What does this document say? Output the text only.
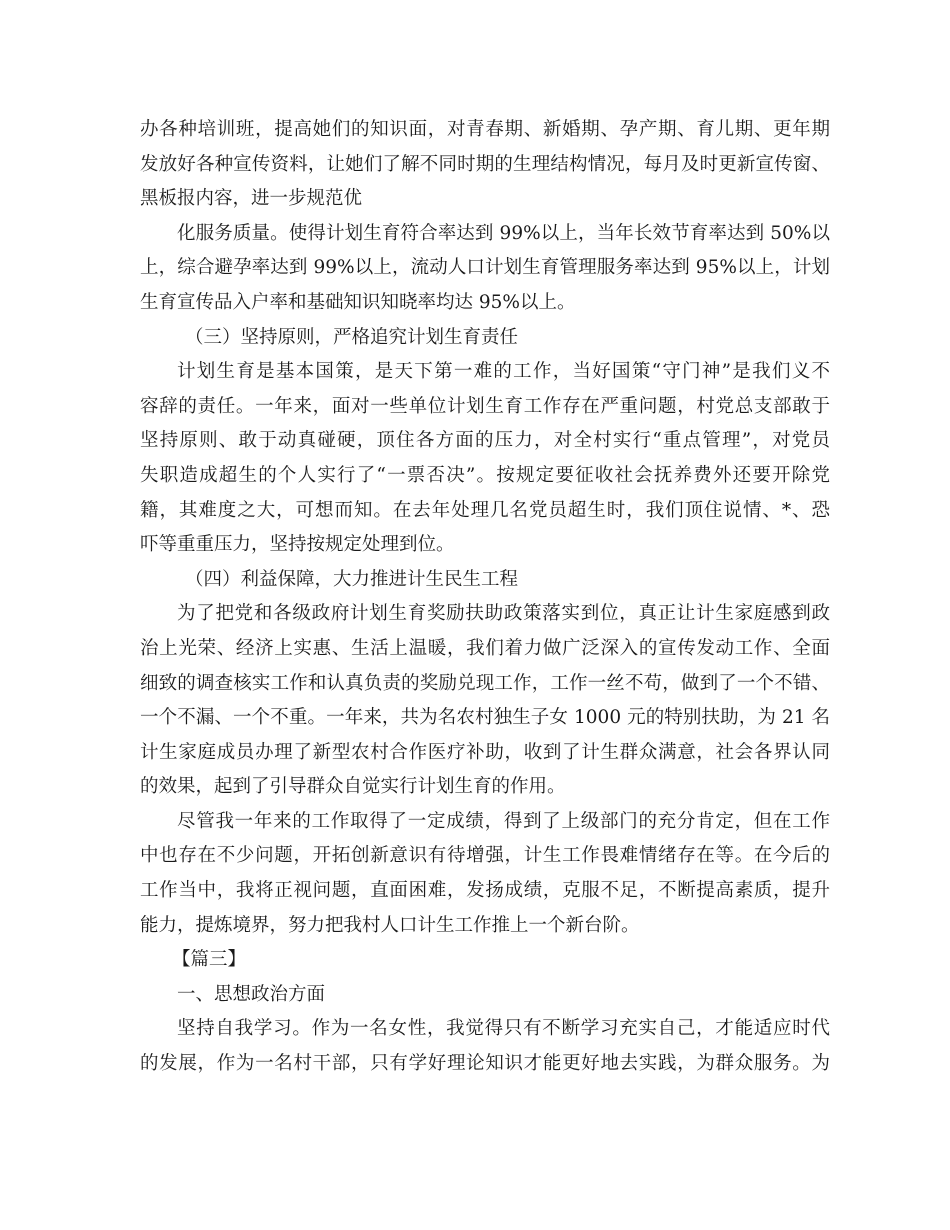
办各种培训班，提高她们的知识面，对青春期、新婚期、孕产期、育儿期、更年期
发放好各种宣传资料，让她们了解不同时期的生理结构情况，每月及时更新宣传窗、
黑板报内容，进一步规范优
化服务质量。使得计划生育符合率达到 99%以上，当年长效节育率达到 50%以
上，综合避孕率达到 99%以上，流动人口计划生育管理服务率达到 95%以上，计划
生育宣传品入户率和基础知识知晓率均达 95%以上。
（三）坚持原则，严格追究计划生育责任
计划生育是基本国策，是天下第一难的工作，当好国策“守门神”是我们义不
容辞的责任。一年来，面对一些单位计划生育工作存在严重问题，村党总支部敢于
坚持原则、敢于动真碰硬，顶住各方面的压力，对全村实行“重点管理”，对党员
失职造成超生的个人实行了“一票否决”。按规定要征收社会抚养费外还要开除党
籍，其难度之大，可想而知。在去年处理几名党员超生时，我们顶住说情、*、恐
吓等重重压力，坚持按规定处理到位。
（四）利益保障，大力推进计生民生工程
为了把党和各级政府计划生育奖励扶助政策落实到位，真正让计生家庭感到政
治上光荣、经济上实惠、生活上温暖，我们着力做广泛深入的宣传发动工作、全面
细致的调查核实工作和认真负责的奖励兑现工作，工作一丝不苟，做到了一个不错、
一个不漏、一个不重。一年来，共为名农村独生子女 1000 元的特别扶助，为 21 名
计生家庭成员办理了新型农村合作医疗补助，收到了计生群众满意，社会各界认同
的效果，起到了引导群众自觉实行计划生育的作用。
尽管我一年来的工作取得了一定成绩，得到了上级部门的充分肯定，但在工作
中也存在不少问题，开拓创新意识有待增强，计生工作畏难情绪存在等。在今后的
工作当中，我将正视问题，直面困难，发扬成绩，克服不足，不断提高素质，提升
能力，提炼境界，努力把我村人口计生工作推上一个新台阶。
【篇三】
一、思想政治方面
坚持自我学习。作为一名女性，我觉得只有不断学习充实自己，才能适应时代
的发展，作为一名村干部，只有学好理论知识才能更好地去实践，为群众服务。为
